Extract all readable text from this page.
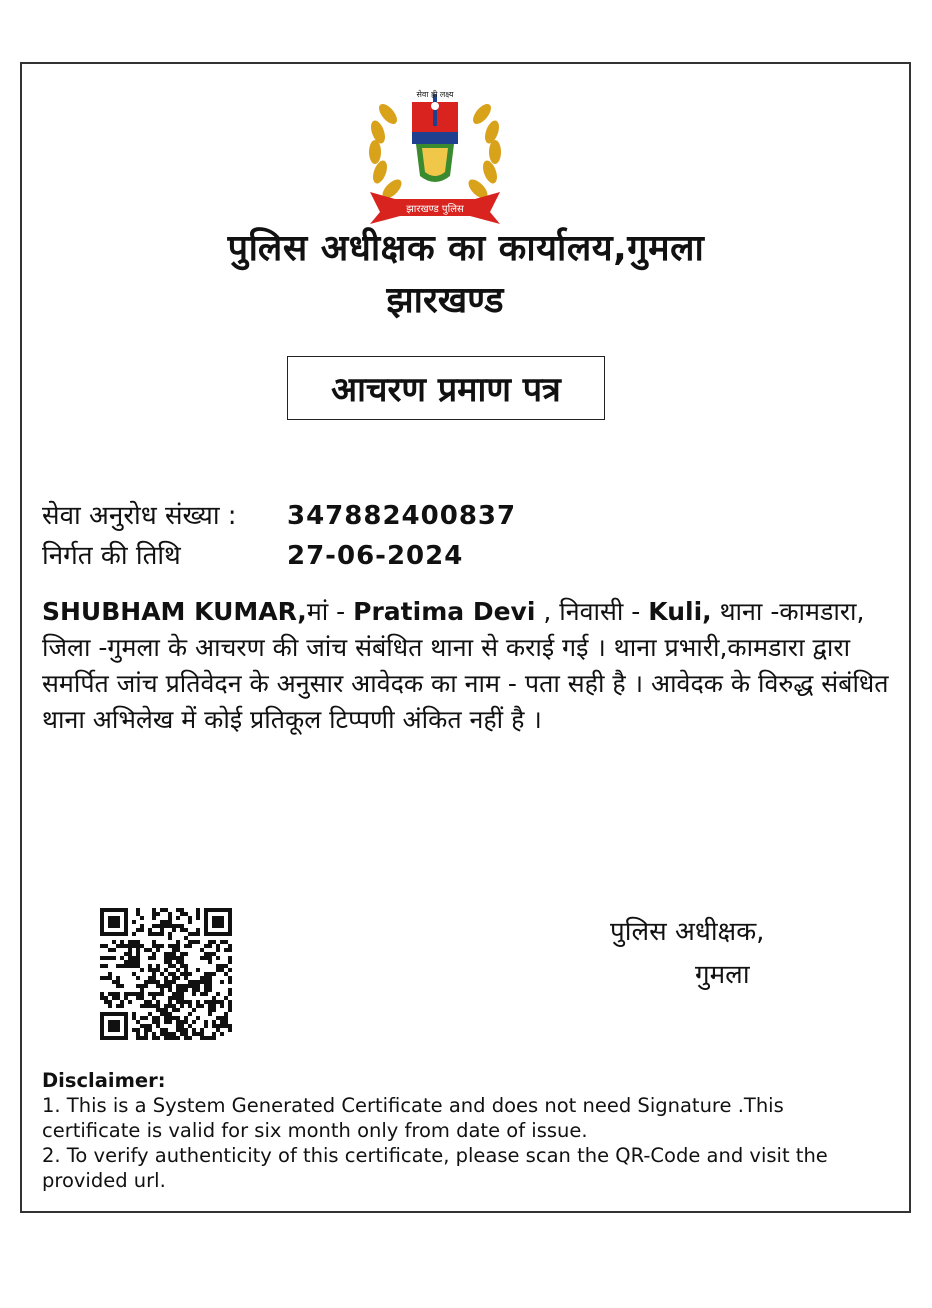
सेवा ही लक्ष्य
झारखण्ड पुलिस
पुलिस अधीक्षक का कार्यालय,गुमला
झारखण्ड
आचरण प्रमाण पत्र
सेवा अनुरोध संख्या : 347882400837
निर्गत की तिथि	27-06-2024
SHUBHAM KUMAR,मां - Pratima Devi , निवासी - Kuli, थाना -कामडारा, जिला -गुमला के आचरण की जांच संबंधित थाना से कराई गई । थाना प्रभारी,कामडारा द्वारा समर्पित जांच प्रतिवेदन के अनुसार आवेदक का नाम - पता सही है । आवेदक के विरुद्ध संबंधित थाना अभिलेख में कोई प्रतिकूल टिप्पणी अंकित नहीं है ।
पुलिस अधीक्षक,
गुमला
Disclaimer:
1. This is a System Generated Certificate and does not need Signature .This certificate is valid for six month only from date of issue.
2. To verify authenticity of this certificate, please scan the QR-Code and visit the provided url.
